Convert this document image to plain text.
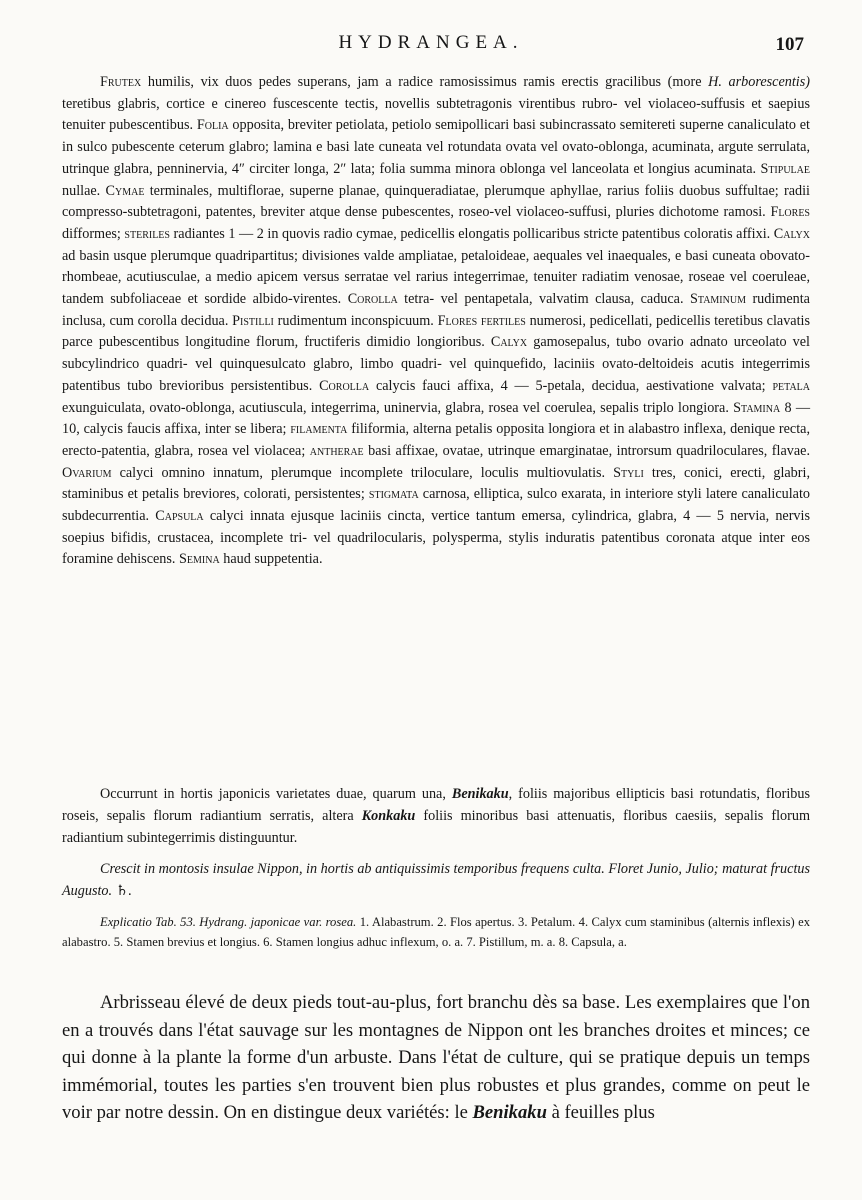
HYDRANGEA.	107

Frutex humilis, vix duos pedes superans, jam a radice ramosissimus ramis erectis gracilibus (more H. arborescentis) teretibus glabris, cortice e cinereo fuscescente tectis, novellis subtetragonis virentibus rubro- vel violaceo-suffusis et saepius tenuiter pubescentibus. Folia opposita, breviter petiolata, petiolo semipollicari basi subincrassato semitereti superne canaliculato et in sulco pubescente ceterum glabro; lamina e basi late cuneata vel rotundata ovata vel ovato-oblonga, acuminata, argute serrulata, utrinque glabra, penninervia, 4″ circiter longa, 2″ lata; folia summa minora oblonga vel lanceolata et longius acuminata. Stipulae nullae. Cymae terminales, multiflorae, superne planae, quinqueradiatae, plerumque aphyllae, rarius foliis duobus suffultae; radii compresso-subtetragoni, patentes, breviter atque dense pubescentes, roseo-vel violaceo-suffusi, pluries dichotome ramosi. Flores difformes; steriles radiantes 1 — 2 in quovis radio cymae, pedicellis elongatis pollicaribus stricte patentibus coloratis affixi. Calyx ad basin usque plerumque quadripartitus; divisiones valde ampliatae, petaloideae, aequales vel inaequales, e basi cuneata obovato-rhombeae, acutiusculae, a medio apicem versus serratae vel rarius integerrimae, tenuiter radiatim venosae, roseae vel coeruleae, tandem subfoliaceae et sordide albido-virentes. Corolla tetra- vel pentapetala, valvatim clausa, caduca. Staminum rudimenta inclusa, cum corolla decidua. Pistilli rudimentum inconspicuum. Flores fertiles numerosi, pedicellati, pedicellis teretibus clavatis parce pubescentibus longitudine florum, fructiferis dimidio longioribus. Calyx gamosepalus, tubo ovario adnato urceolato vel subcylindrico quadri- vel quinquesulcato glabro, limbo quadri- vel quinquefido, laciniis ovato-deltoideis acutis integerrimis patentibus tubo brevioribus persistentibus. Corolla calycis fauci affixa, 4 — 5-petala, decidua, aestivatione valvata; petala exunguiculata, ovato-oblonga, acutiuscula, integerrima, uninervia, glabra, rosea vel coerulea, sepalis triplo longiora. Stamina 8 — 10, calycis faucis affixa, inter se libera; filamenta filiformia, alterna petalis opposita longiora et in alabastro inflexa, denique recta, erecto-patentia, glabra, rosea vel violacea; antherae basi affixae, ovatae, utrinque emarginatae, introrsum quadriloculares, flavae. Ovarium calyci omnino innatum, plerumque incomplete triloculare, loculis multiovulatis. Styli tres, conici, erecti, glabri, staminibus et petalis breviores, colorati, persistentes; stigmata carnosa, elliptica, sulco exarata, in interiore styli latere canaliculato subdecurrentia. Capsula calyci innata ejusque laciniis cincta, vertice tantum emersa, cylindrica, glabra, 4 — 5 nervia, nervis soepius bifidis, crustacea, incomplete tri- vel quadrilocularis, polysperma, stylis induratis patentibus coronata atque inter eos foramine dehiscens. Semina haud suppetentia.

Occurrunt in hortis japonicis varietates duae, quarum una, Benikaku, foliis majoribus ellipticis basi rotundatis, floribus roseis, sepalis florum radiantium serratis, altera Konkaku foliis minoribus basi attenuatis, floribus caesiis, sepalis florum radiantium subintegerrimis distinguuntur.

Crescit in montosis insulae Nippon, in hortis ab antiquissimis temporibus frequens culta. Floret Junio, Julio; maturat fructus Augusto. ♄.

Explicatio Tab. 53. Hydrang. japonicae var. rosea. 1. Alabastrum. 2. Flos apertus. 3. Petalum. 4. Calyx cum staminibus (alternis inflexis) ex alabastro. 5. Stamen brevius et longius. 6. Stamen longius adhuc inflexum, o. a. 7. Pistillum, m. a. 8. Capsula, a.

Arbrisseau élevé de deux pieds tout-au-plus, fort branchu dès sa base. Les exemplaires que l'on en a trouvés dans l'état sauvage sur les montagnes de Nippon ont les branches droites et minces; ce qui donne à la plante la forme d'un arbuste. Dans l'état de culture, qui se pratique depuis un temps immémorial, toutes les parties s'en trouvent bien plus robustes et plus grandes, comme on peut le voir par notre dessin. On en distingue deux variétés: le Benikaku à feuilles plus
